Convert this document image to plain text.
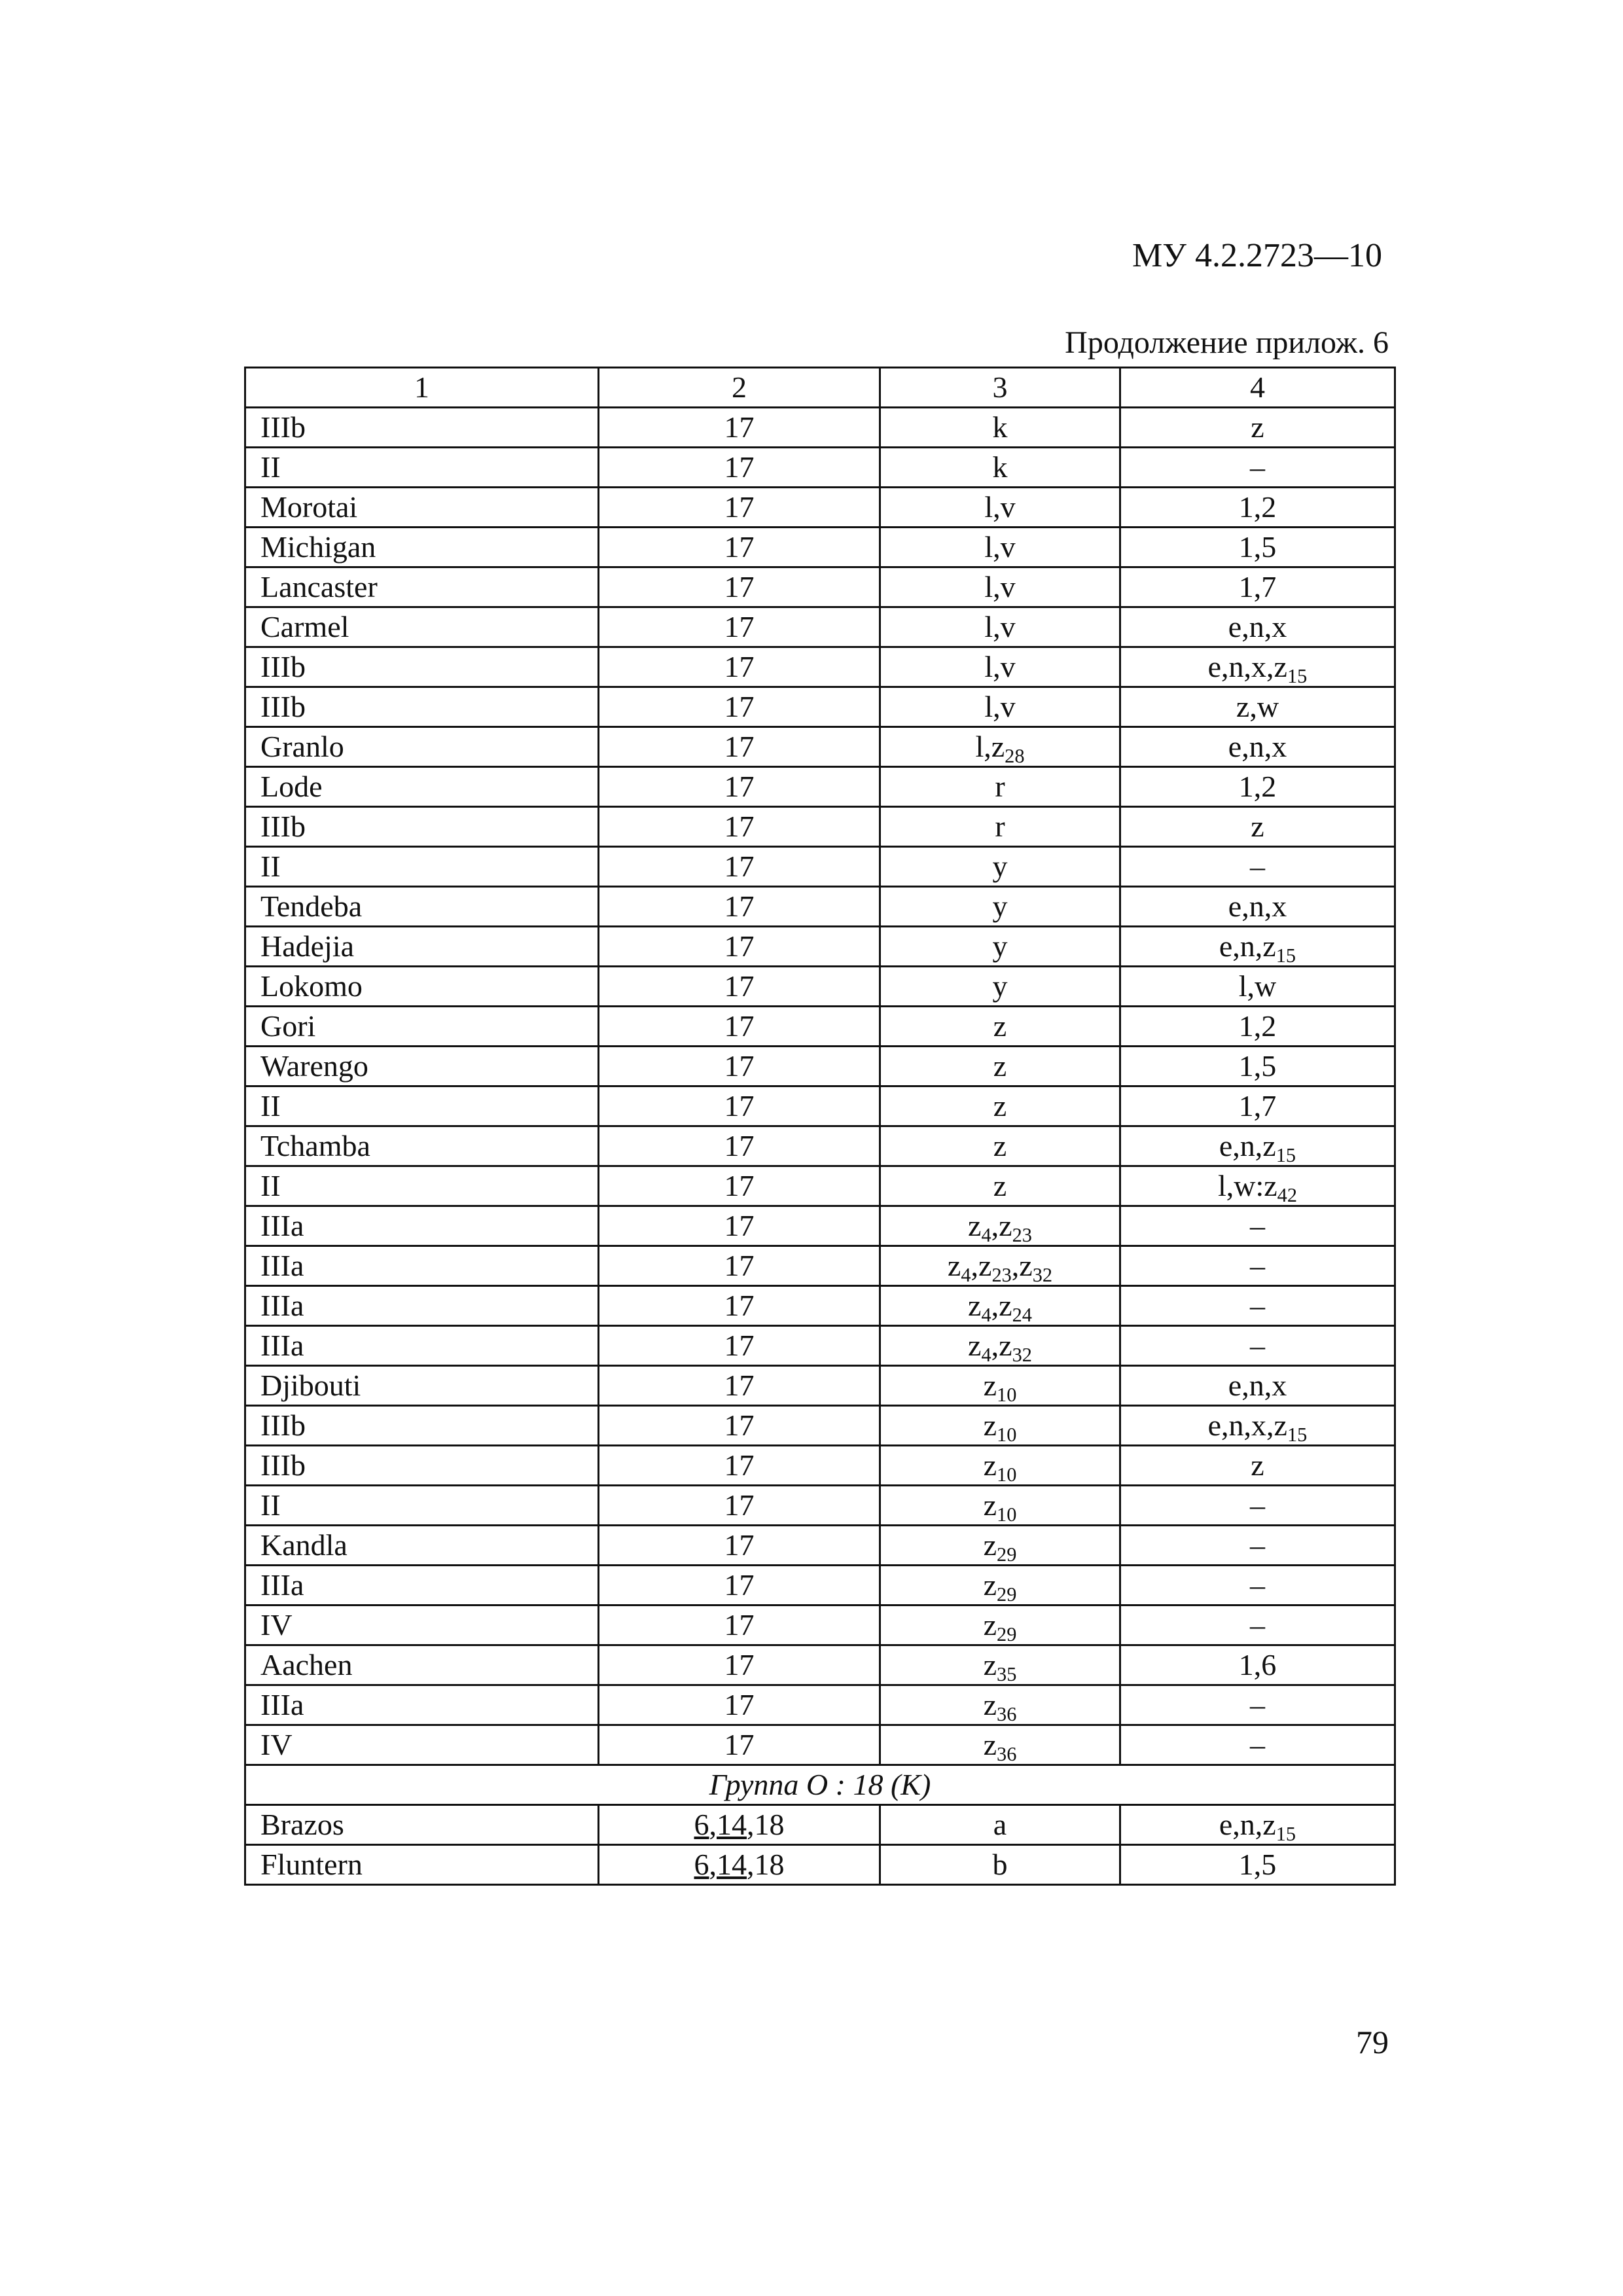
МУ 4.2.2723—10
Продолжение прилож. 6
1	2	3	4
IIIb	17	k	z
II	17	k	–
Morotai	17	l,v	1,2
Michigan	17	l,v	1,5
Lancaster	17	l,v	1,7
Carmel	17	l,v	e,n,x
IIIb	17	l,v	$e,n,x,z_{15}$
IIIb	17	l,v	z,w
Granlo	17	$l,z_{28}$	e,n,x
Lode	17	r	1,2
IIIb	17	r	z
II	17	y	–
Tendeba	17	y	e,n,x
Hadejia	17	y	$e,n,z_{15}$
Lokomo	17	y	l,w
Gori	17	z	1,2
Warengo	17	z	1,5
II	17	z	1,7
Tchamba	17	z	$e,n,z_{15}$
II	17	z	$l,w:z_{42}$
IIIa	17	$z_4,z_{23}$	–
IIIa	17	$z_4,z_{23},z_{32}$	–
IIIa	17	$z_4,z_{24}$	–
IIIa	17	$z_4,z_{32}$	–
Djibouti	17	$z_{10}$	e,n,x
IIIb	17	$z_{10}$	$e,n,x,z_{15}$
IIIb	17	$z_{10}$	z
II	17	$z_{10}$	–
Kandla	17	$z_{29}$	–
IIIa	17	$z_{29}$	–
IV	17	$z_{29}$	–
Aachen	17	$z_{35}$	1,6
IIIa	17	$z_{36}$	–
IV	17	$z_{36}$	–
Группа O : 18 (K)			
Brazos	6,14,18	a	$e,n,z_{15}$
Fluntern	6,14,18	b	1,5
79
